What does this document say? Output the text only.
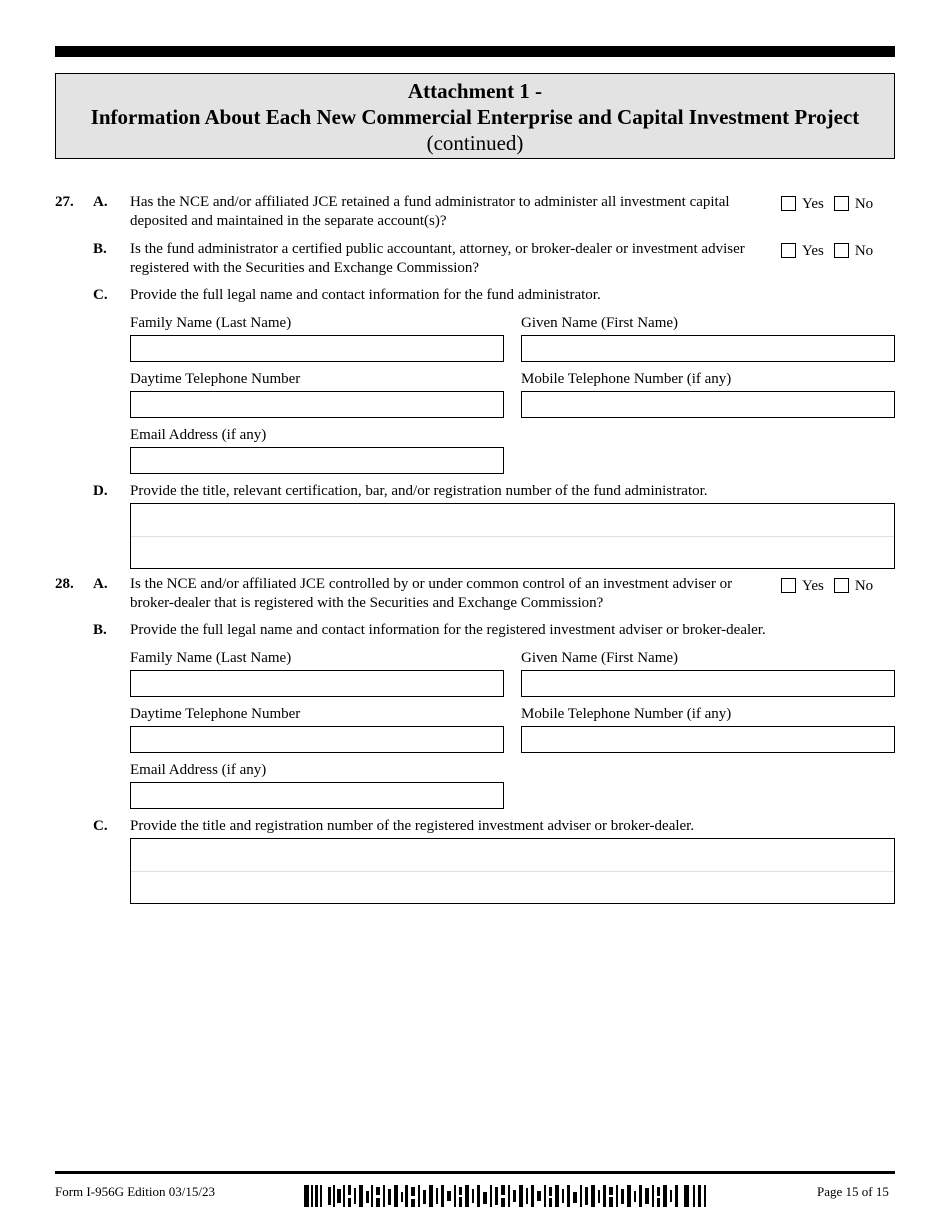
Attachment 1 -
Information About Each New Commercial Enterprise and Capital Investment Project
(continued)
27. A. Has the NCE and/or affiliated JCE retained a fund administrator to administer all investment capital deposited and maintained in the separate account(s)?
Yes No
B. Is the fund administrator a certified public accountant, attorney, or broker-dealer or investment adviser registered with the Securities and Exchange Commission?
Yes No
C. Provide the full legal name and contact information for the fund administrator.
Family Name (Last Name)	Given Name (First Name)
Daytime Telephone Number	Mobile Telephone Number (if any)
Email Address (if any)
D. Provide the title, relevant certification, bar, and/or registration number of the fund administrator.
28. A. Is the NCE and/or affiliated JCE controlled by or under common control of an investment adviser or broker-dealer that is registered with the Securities and Exchange Commission?
Yes No
B. Provide the full legal name and contact information for the registered investment adviser or broker-dealer.
Family Name (Last Name)	Given Name (First Name)
Daytime Telephone Number	Mobile Telephone Number (if any)
Email Address (if any)
C. Provide the title and registration number of the registered investment adviser or broker-dealer.
Form I-956G Edition 03/15/23	Page 15 of 15
